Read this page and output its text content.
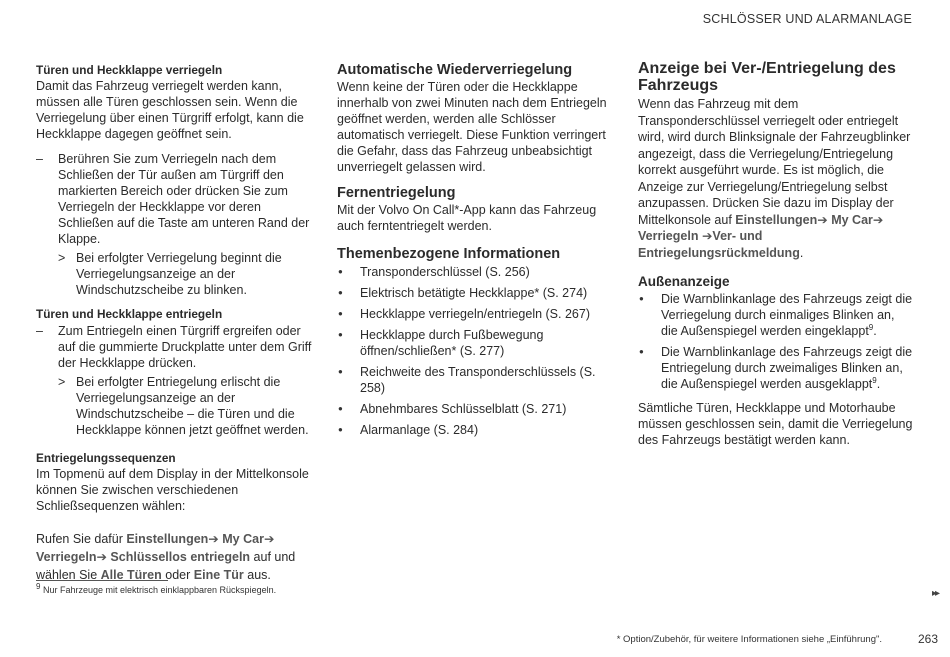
SCHLÖSSER UND ALARMANLAGE
Türen und Heckklappe verriegeln

Damit das Fahrzeug verriegelt werden kann, müssen alle Türen geschlossen sein. Wenn die Verriegelung über einen Türgriff erfolgt, kann die Heckklappe dagegen geöffnet sein.

– Berühren Sie zum Verriegeln nach dem Schließen der Tür außen am Türgriff den markierten Bereich oder drücken Sie zum Verriegeln der Heckklappe vor deren Schließen auf die Taste am unteren Rand der Klappe.
> Bei erfolgter Verriegelung beginnt die Verriegelungsanzeige an der Windschutzscheibe zu blinken.
Türen und Heckklappe entriegeln
– Zum Entriegeln einen Türgriff ergreifen oder auf die gummierte Druckplatte unter dem Griff der Heckklappe drücken.
> Bei erfolgter Entriegelung erlischt die Verriegelungsanzeige an der Windschutzscheibe – die Türen und die Heckklappe können jetzt geöffnet werden.
Entriegelungssequenzen

Im Topmenü auf dem Display in der Mittelkonsole können Sie zwischen verschiedenen Schließsequenzen wählen:

Rufen Sie dafür Einstellungen➔ My Car➔ Verriegeln➔ Schlüssellos entriegeln auf und wählen Sie Alle Türen oder Eine Tür aus.

Automatische Wiederverriegelung

Wenn keine der Türen oder die Heckklappe innerhalb von zwei Minuten nach dem Entriegeln geöffnet werden, werden alle Schlösser automatisch verriegelt. Diese Funktion verringert die Gefahr, dass das Fahrzeug unbeabsichtigt unverriegelt gelassen wird.

Fernentriegelung

Mit der Volvo On Call*-App kann das Fahrzeug auch ferntentriegelt werden.

Themenbezogene Informationen
● Transponderschlüssel (S. 256)
● Elektrisch betätigte Heckklappe* (S. 274)
● Heckklappe verriegeln/entriegeln (S. 267)
● Heckklappe durch Fußbewegung öffnen/schließen* (S. 277)
● Reichweite des Transponderschlüssels (S. 258)
● Abnehmbares Schlüsselblatt (S. 271)
● Alarmanlage (S. 284)
Anzeige bei Ver-/Entriegelung des Fahrzeugs

Wenn das Fahrzeug mit dem Transponderschlüssel verriegelt oder entriegelt wird, wird durch Blinksignale der Fahrzeugblinker angezeigt, dass die Verriegelung/Entriegelung korrekt ausgeführt wurde. Es ist möglich, die Anzeige zur Verriegelung/Entriegelung selbst anzupassen. Drücken Sie dazu im Display der Mittelkonsole auf Einstellungen➔ My Car➔ Verriegeln ➔Ver- und Entriegelungsrückmeldung.

Außenanzeige
● Die Warnblinkanlage des Fahrzeugs zeigt die Verriegelung durch einmaliges Blinken an, die Außenspiegel werden eingeklappt$^9$.
● Die Warnblinkanlage des Fahrzeugs zeigt die Entriegelung durch zweimaliges Blinken an, die Außenspiegel werden ausgeklappt$^9$.

Sämtliche Türen, Heckklappe und Motorhaube müssen geschlossen sein, damit die Verriegelung des Fahrzeugs bestätigt werden kann.

$^9$ Nur Fahrzeuge mit elektrisch einklappbaren Rückspiegeln.	▸▸
* Option/Zubehör, für weitere Informationen siehe „Einführung".	263
